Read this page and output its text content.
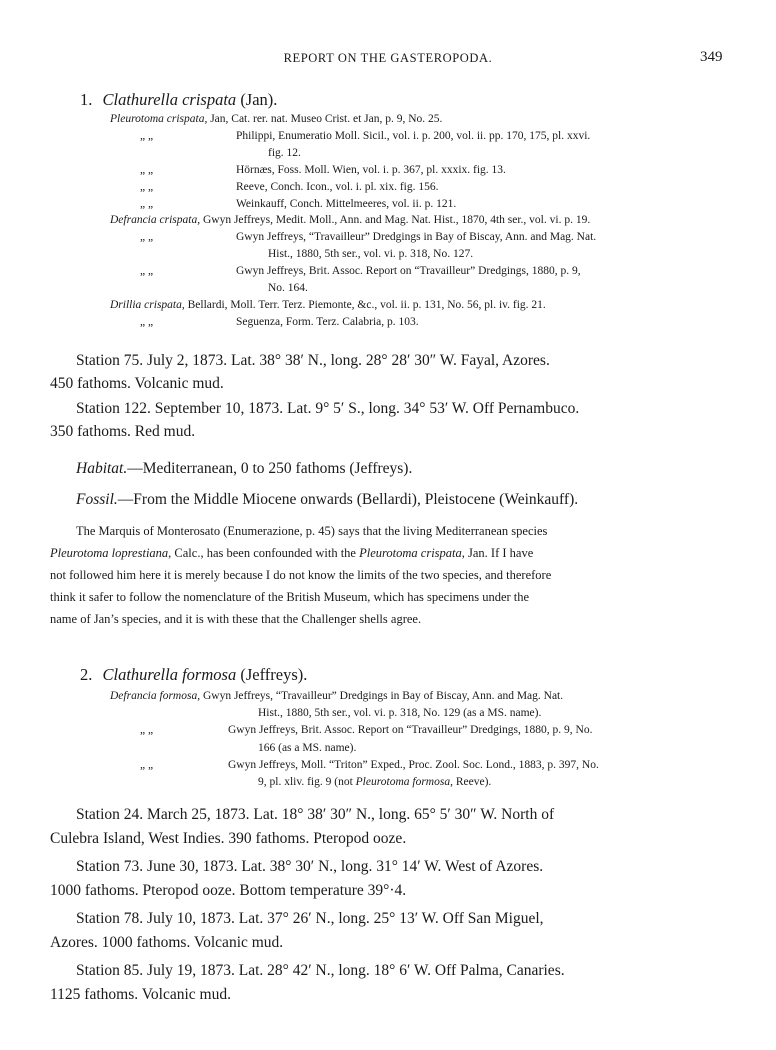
REPORT ON THE GASTEROPODA.	349
1. Clathurella crispata (Jan).
Pleurotoma crispata, Jan, Cat. rer. nat. Museo Crist. et Jan, p. 9, No. 25.
„ „	Philippi, Enumeratio Moll. Sicil., vol. i. p. 200, vol. ii. pp. 170, 175, pl. xxvi.
fig. 12.
„ „	Hörnæs, Foss. Moll. Wien, vol. i. p. 367, pl. xxxix. fig. 13.
„ „	Reeve, Conch. Icon., vol. i. pl. xix. fig. 156.
„ „	Weinkauff, Conch. Mittelmeeres, vol. ii. p. 121.
Defrancia crispata, Gwyn Jeffreys, Medit. Moll., Ann. and Mag. Nat. Hist., 1870, 4th ser., vol. vi. p. 19.
„ „	Gwyn Jeffreys, “Travailleur” Dredgings in Bay of Biscay, Ann. and Mag. Nat.
Hist., 1880, 5th ser., vol. vi. p. 318, No. 127.
„ „	Gwyn Jeffreys, Brit. Assoc. Report on “Travailleur” Dredgings, 1880, p. 9,
No. 164.
Drillia crispata, Bellardi, Moll. Terr. Terz. Piemonte, &c., vol. ii. p. 131, No. 56, pl. iv. fig. 21.
„ „	Seguenza, Form. Terz. Calabria, p. 103.
Station 75. July 2, 1873. Lat. 38° 38′ N., long. 28° 28′ 30″ W. Fayal, Azores.
450 fathoms. Volcanic mud.
Station 122. September 10, 1873. Lat. 9° 5′ S., long. 34° 53′ W. Off Pernambuco.
350 fathoms. Red mud.
Habitat.—Mediterranean, 0 to 250 fathoms (Jeffreys).
Fossil.—From the Middle Miocene onwards (Bellardi), Pleistocene (Weinkauff).
The Marquis of Monterosato (Enumerazione, p. 45) says that the living Mediterranean species
Pleurotoma loprestiana, Calc., has been confounded with the Pleurotoma crispata, Jan. If I have
not followed him here it is merely because I do not know the limits of the two species, and therefore
think it safer to follow the nomenclature of the British Museum, which has specimens under the
name of Jan’s species, and it is with these that the Challenger shells agree.
2. Clathurella formosa (Jeffreys).
Defrancia formosa, Gwyn Jeffreys, “Travailleur” Dredgings in Bay of Biscay, Ann. and Mag. Nat.
Hist., 1880, 5th ser., vol. vi. p. 318, No. 129 (as a MS. name).
„ „	Gwyn Jeffreys, Brit. Assoc. Report on “Travailleur” Dredgings, 1880, p. 9, No.
166 (as a MS. name).
„ „	Gwyn Jeffreys, Moll. “Triton” Exped., Proc. Zool. Soc. Lond., 1883, p. 397, No.
9, pl. xliv. fig. 9 (not Pleurotoma formosa, Reeve).
Station 24. March 25, 1873. Lat. 18° 38′ 30″ N., long. 65° 5′ 30″ W. North of
Culebra Island, West Indies. 390 fathoms. Pteropod ooze.
Station 73. June 30, 1873. Lat. 38° 30′ N., long. 31° 14′ W. West of Azores.
1000 fathoms. Pteropod ooze. Bottom temperature 39°·4.
Station 78. July 10, 1873. Lat. 37° 26′ N., long. 25° 13′ W. Off San Miguel,
Azores. 1000 fathoms. Volcanic mud.
Station 85. July 19, 1873. Lat. 28° 42′ N., long. 18° 6′ W. Off Palma, Canaries.
1125 fathoms. Volcanic mud.
